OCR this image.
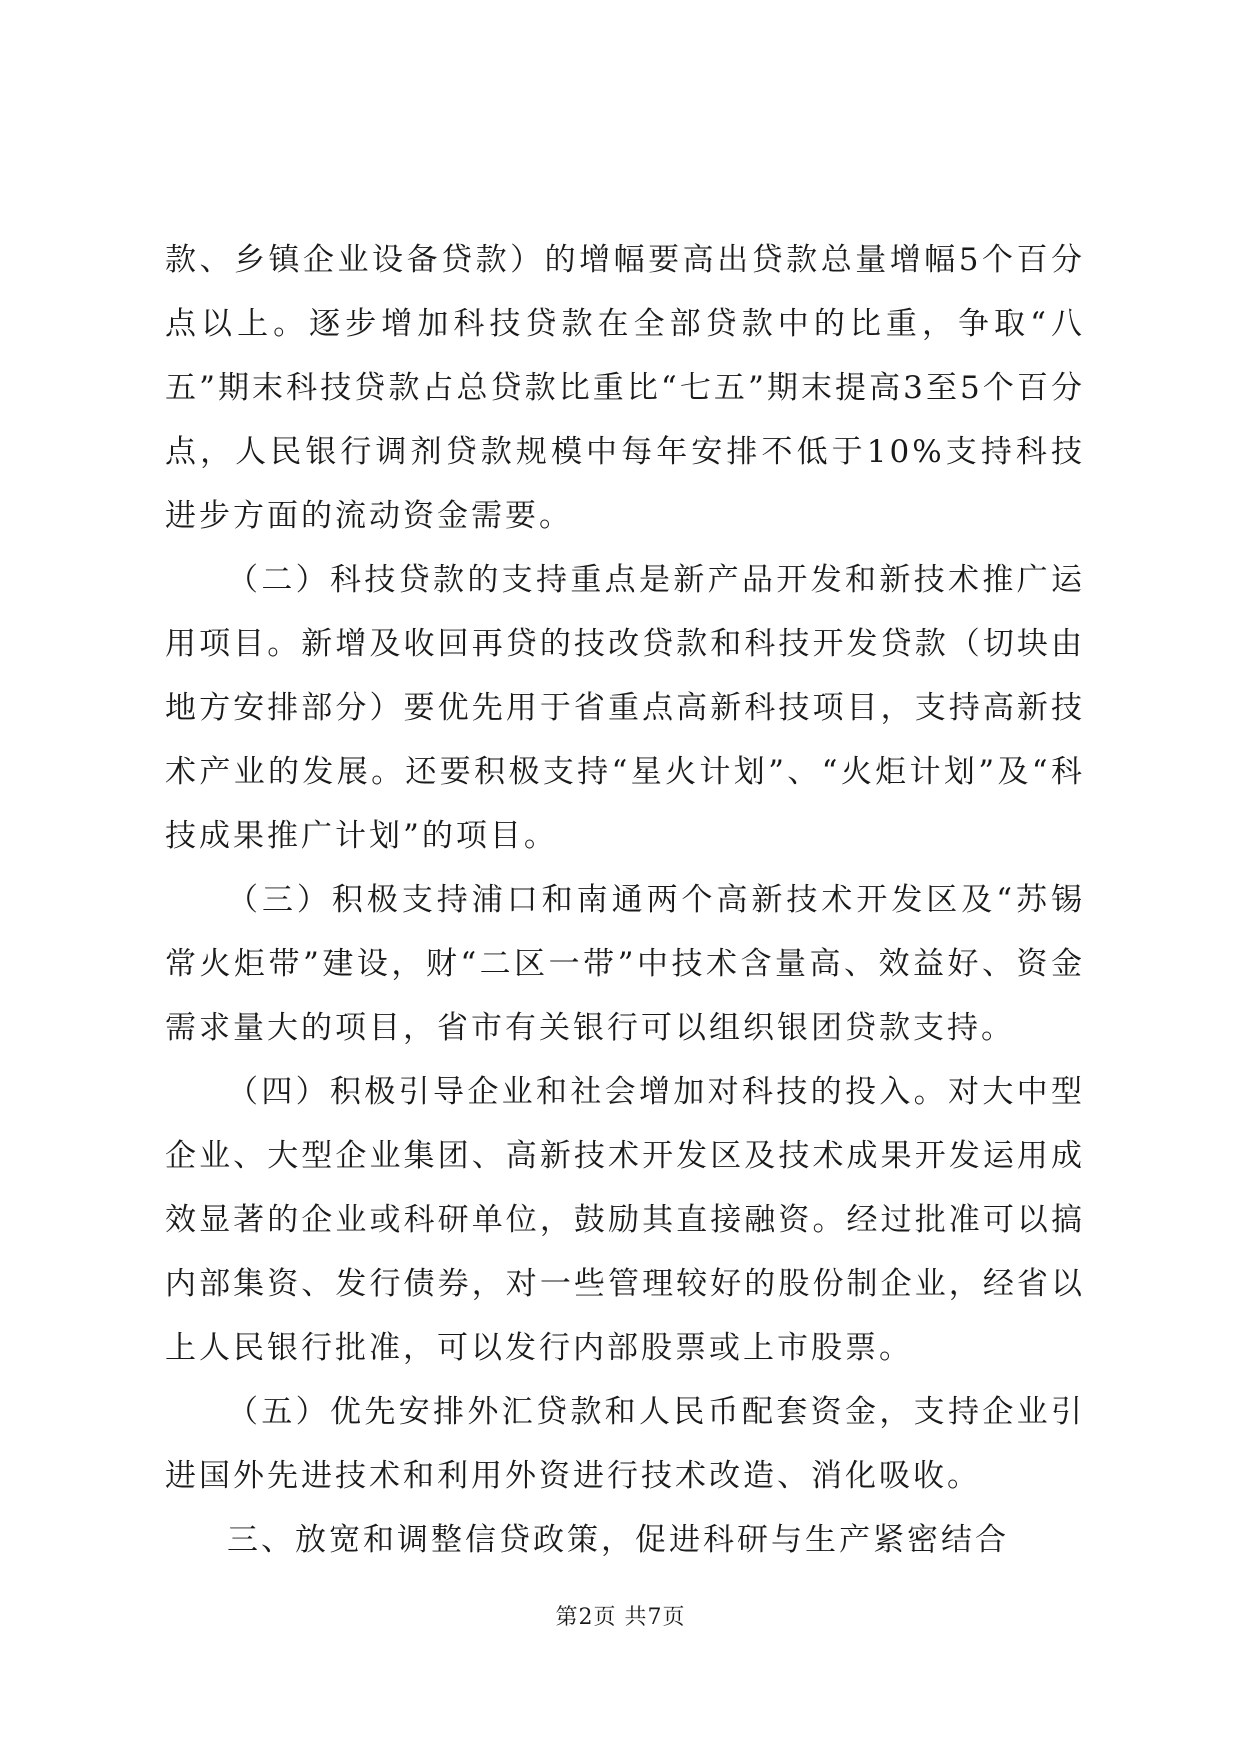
款、乡镇企业设备贷款）的增幅要高出贷款总量增幅5个百分点以上。逐步增加科技贷款在全部贷款中的比重，争取“八五”期末科技贷款占总贷款比重比“七五”期末提高3至5个百分点，人民银行调剂贷款规模中每年安排不低于10%支持科技进步方面的流动资金需要。

（二）科技贷款的支持重点是新产品开发和新技术推广运用项目。新增及收回再贷的技改贷款和科技开发贷款（切块由地方安排部分）要优先用于省重点高新科技项目，支持高新技术产业的发展。还要积极支持“星火计划”、“火炬计划”及“科技成果推广计划”的项目。

（三）积极支持浦口和南通两个高新技术开发区及“苏锡常火炬带”建设，财“二区一带”中技术含量高、效益好、资金需求量大的项目，省市有关银行可以组织银团贷款支持。

（四）积极引导企业和社会增加对科技的投入。对大中型企业、大型企业集团、高新技术开发区及技术成果开发运用成效显著的企业或科研单位，鼓励其直接融资。经过批准可以搞内部集资、发行债券，对一些管理较好的股份制企业，经省以上人民银行批准，可以发行内部股票或上市股票。

（五）优先安排外汇贷款和人民币配套资金，支持企业引进国外先进技术和利用外资进行技术改造、消化吸收。

三、放宽和调整信贷政策，促进科研与生产紧密结合

第2页 共7页
